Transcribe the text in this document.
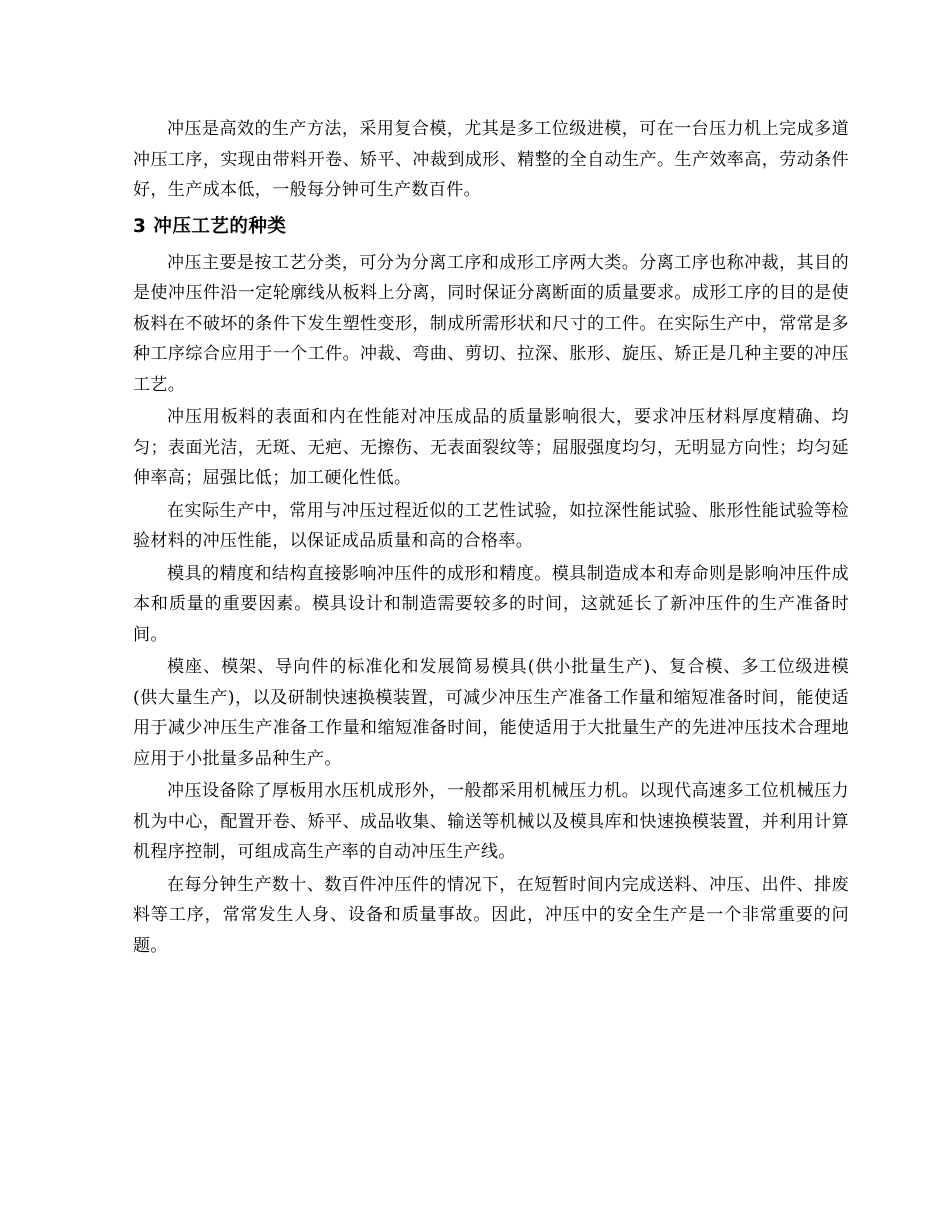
冲压是高效的生产方法，采用复合模，尤其是多工位级进模，可在一台压力机上完成多道冲压工序，实现由带料开卷、矫平、冲裁到成形、精整的全自动生产。生产效率高，劳动条件好，生产成本低，一般每分钟可生产数百件。

3 冲压工艺的种类

冲压主要是按工艺分类，可分为分离工序和成形工序两大类。分离工序也称冲裁，其目的是使冲压件沿一定轮廓线从板料上分离，同时保证分离断面的质量要求。成形工序的目的是使板料在不破坏的条件下发生塑性变形，制成所需形状和尺寸的工件。在实际生产中，常常是多种工序综合应用于一个工件。冲裁、弯曲、剪切、拉深、胀形、旋压、矫正是几种主要的冲压工艺。

冲压用板料的表面和内在性能对冲压成品的质量影响很大，要求冲压材料厚度精确、均匀；表面光洁，无斑、无疤、无擦伤、无表面裂纹等；屈服强度均匀，无明显方向性；均匀延伸率高；屈强比低；加工硬化性低。

在实际生产中，常用与冲压过程近似的工艺性试验，如拉深性能试验、胀形性能试验等检验材料的冲压性能，以保证成品质量和高的合格率。

模具的精度和结构直接影响冲压件的成形和精度。模具制造成本和寿命则是影响冲压件成本和质量的重要因素。模具设计和制造需要较多的时间，这就延长了新冲压件的生产准备时间。

模座、模架、导向件的标准化和发展简易模具(供小批量生产)、复合模、多工位级进模(供大量生产)，以及研制快速换模装置，可减少冲压生产准备工作量和缩短准备时间，能使适用于减少冲压生产准备工作量和缩短准备时间，能使适用于大批量生产的先进冲压技术合理地应用于小批量多品种生产。

冲压设备除了厚板用水压机成形外，一般都采用机械压力机。以现代高速多工位机械压力机为中心，配置开卷、矫平、成品收集、输送等机械以及模具库和快速换模装置，并利用计算机程序控制，可组成高生产率的自动冲压生产线。

在每分钟生产数十、数百件冲压件的情况下，在短暂时间内完成送料、冲压、出件、排废料等工序，常常发生人身、设备和质量事故。因此，冲压中的安全生产是一个非常重要的问题。
